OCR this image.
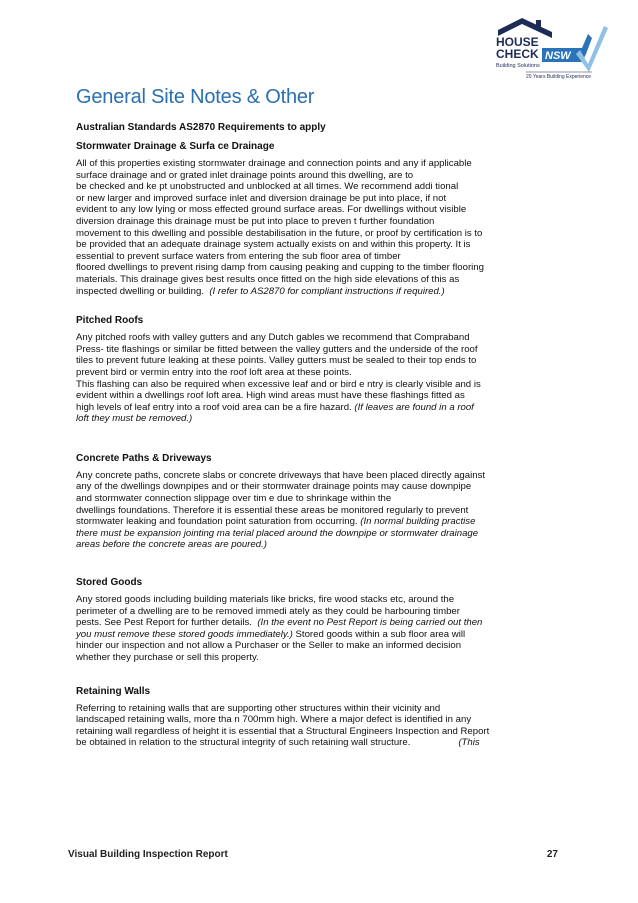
HOUSE
CHECK NSW
Building Solutions
20 Years Building Experience
General Site Notes & Other
Australian Standards AS2870 Requirements to apply
Stormwater Drainage & Surfa ce Drainage

All of this properties existing stormwater drainage and connection points and any if applicable

surface drainage and or grated inlet drainage points around this dwelling, are to

be checked and ke pt unobstructed and unblocked at all times. We recommend addi tional

or new larger and improved surface inlet and diversion drainage be put into place, if not

evident to any low lying or moss effected ground surface areas. For dwellings without visible

diversion drainage this drainage must be put into place to preven t further foundation

movement to this dwelling and possible destabilisation in the future, or proof by certification is to

be provided that an adequate drainage system actually exists on and within this property. It is

essential to prevent surface waters from entering the sub floor area of timber

floored dwellings to prevent rising damp from causing peaking and cupping to the timber flooring

materials. This drainage gives best results once fitted on the high side elevations of this as

inspected dwelling or building. (I refer to AS2870 for compliant instructions if required.)

Pitched Roofs

Any pitched roofs with valley gutters and any Dutch gables we recommend that Compraband

Press- tite flashings or similar be fitted between the valley gutters and the underside of the roof

tiles to prevent future leaking at these points. Valley gutters must be sealed to their top ends to

prevent bird or vermin entry into the roof loft area at these points.

This flashing can also be required when excessive leaf and or bird e ntry is clearly visible and is

evident within a dwellings roof loft area. High wind areas must have these flashings fitted as

high levels of leaf entry into a roof void area can be a fire hazard. (If leaves are found in a roof

loft they must be removed.)

Concrete Paths & Driveways

Any concrete paths, concrete slabs or concrete driveways that have been placed directly against

any of the dwellings downpipes and or their stormwater drainage points may cause downpipe

and stormwater connection slippage over tim e due to shrinkage within the

dwellings foundations. Therefore it is essential these areas be monitored regularly to prevent

stormwater leaking and foundation point saturation from occurring. (In normal building practise

there must be expansion jointing ma terial placed around the downpipe or stormwater drainage

areas before the concrete areas are poured.)

Stored Goods

Any stored goods including building materials like bricks, fire wood stacks etc, around the

perimeter of a dwelling are to be removed immedi ately as they could be harbouring timber

pests. See Pest Report for further details. (In the event no Pest Report is being carried out then

you must remove these stored goods immediately.) Stored goods within a sub floor area will

hinder our inspection and not allow a Purchaser or the Seller to make an informed decision

whether they purchase or sell this property.

Retaining Walls

Referring to retaining walls that are supporting other structures within their vicinity and

landscaped retaining walls, more tha n 700mm high. Where a major defect is identified in any

retaining wall regardless of height it is essential that a Structural Engineers Inspection and Report

be obtained in relation to the structural integrity of such retaining wall structure.                  (This

Visual Building Inspection Report	27
